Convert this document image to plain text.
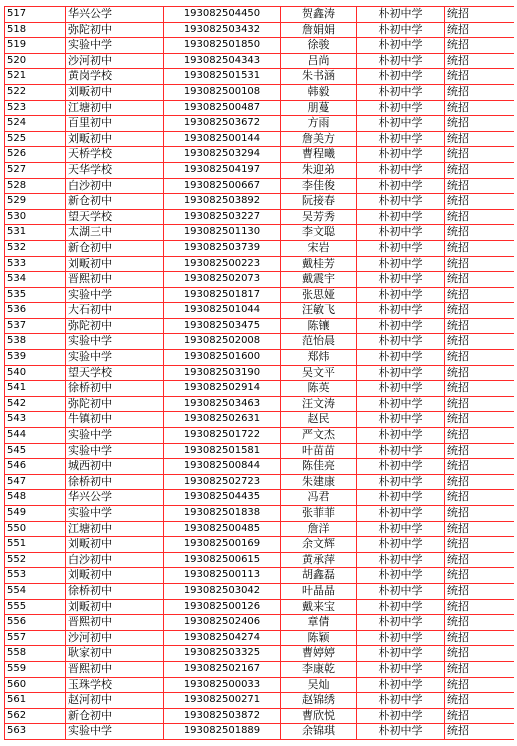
517	华兴公学	193082504450	贺鑫涛	朴初中学	统招
518	弥陀初中	193082503432	詹娟娟	朴初中学	统招
519	实验中学	193082501850	徐骏	朴初中学	统招
520	沙河初中	193082504343	吕尚	朴初中学	统招
521	黄岗学校	193082501531	朱书涵	朴初中学	统招
522	刘畈初中	193082500108	韩毅	朴初中学	统招
523	江塘初中	193082500487	朋蔓	朴初中学	统招
524	百里初中	193082503672	方雨	朴初中学	统招
525	刘畈初中	193082500144	詹美方	朴初中学	统招
526	天桥学校	193082503294	曹程曦	朴初中学	统招
527	天华学校	193082504197	朱迎弟	朴初中学	统招
528	白沙初中	193082500667	李佳俊	朴初中学	统招
529	新仓初中	193082503892	阮接春	朴初中学	统招
530	望天学校	193082503227	吴芳秀	朴初中学	统招
531	太湖三中	193082501130	李文聪	朴初中学	统招
532	新仓初中	193082503739	宋岩	朴初中学	统招
533	刘畈初中	193082500223	戴桂芳	朴初中学	统招
534	晋熙初中	193082502073	戴震宇	朴初中学	统招
535	实验中学	193082501817	张思娅	朴初中学	统招
536	大石初中	193082501044	汪敏飞	朴初中学	统招
537	弥陀初中	193082503475	陈镶	朴初中学	统招
538	实验中学	193082502008	范怡晨	朴初中学	统招
539	实验中学	193082501600	郑炜	朴初中学	统招
540	望天学校	193082503190	吴文平	朴初中学	统招
541	徐桥初中	193082502914	陈英	朴初中学	统招
542	弥陀初中	193082503463	汪文涛	朴初中学	统招
543	牛镇初中	193082502631	赵民	朴初中学	统招
544	实验中学	193082501722	严文杰	朴初中学	统招
545	实验中学	193082501581	叶苗苗	朴初中学	统招
546	城西初中	193082500844	陈佳亮	朴初中学	统招
547	徐桥初中	193082502723	朱建康	朴初中学	统招
548	华兴公学	193082504435	冯君	朴初中学	统招
549	实验中学	193082501838	张菲菲	朴初中学	统招
550	江塘初中	193082500485	詹洋	朴初中学	统招
551	刘畈初中	193082500169	余文辉	朴初中学	统招
552	白沙初中	193082500615	黄承萍	朴初中学	统招
553	刘畈初中	193082500113	胡鑫磊	朴初中学	统招
554	徐桥初中	193082503042	叶晶晶	朴初中学	统招
555	刘畈初中	193082500126	戴来宝	朴初中学	统招
556	晋熙初中	193082502406	章倩	朴初中学	统招
557	沙河初中	193082504274	陈颖	朴初中学	统招
558	耿家初中	193082503325	曹婷婷	朴初中学	统招
559	晋熙初中	193082502167	李康乾	朴初中学	统招
560	玉珠学校	193082500033	吴灿	朴初中学	统招
561	赵河初中	193082500271	赵锦绣	朴初中学	统招
562	新仓初中	193082503872	曹欣悦	朴初中学	统招
563	实验中学	193082501889	余锦琪	朴初中学	统招
